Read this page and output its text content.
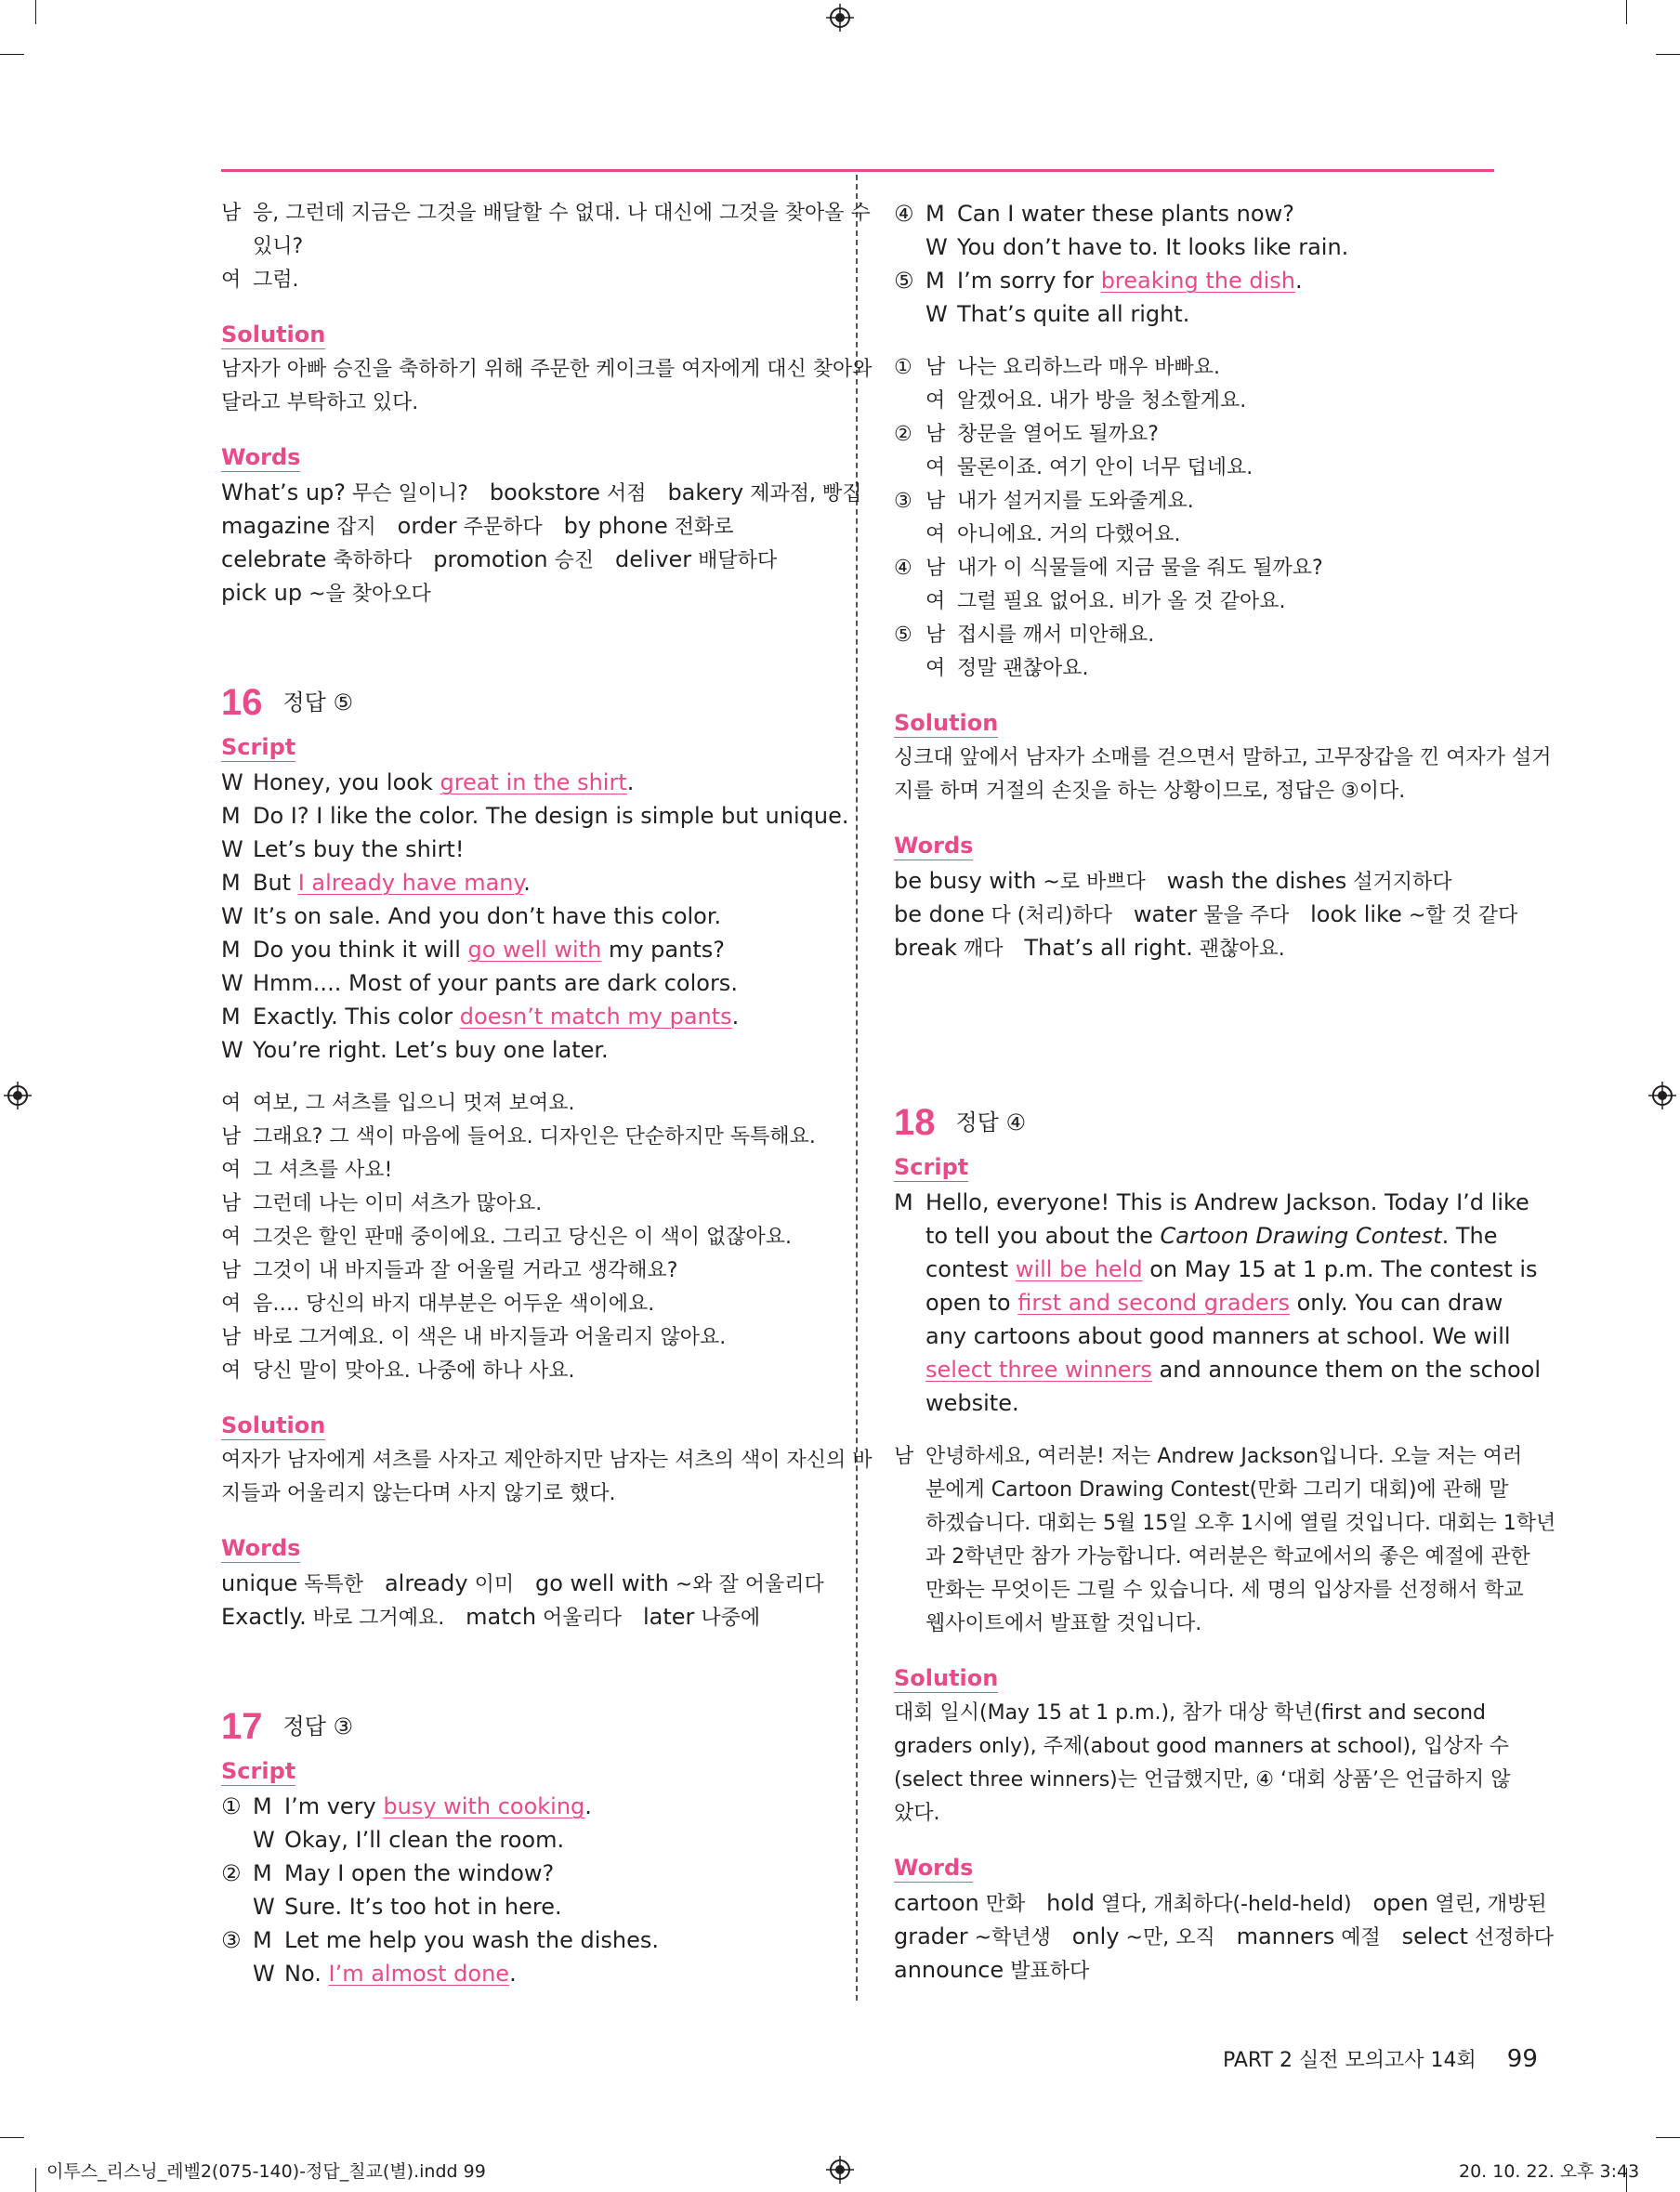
남 응, 그런데 지금은 그것을 배달할 수 없대. 나 대신에 그것을 찾아올 수
있니?
여 그럼.
Solution
남자가 아빠 승진을 축하하기 위해 주문한 케이크를 여자에게 대신 찾아와
달라고 부탁하고 있다.
Words
What’s up? 무슨 일이니? bookstore 서점 bakery 제과점, 빵집
magazine 잡지 order 주문하다 by phone 전화로
celebrate 축하하다 promotion 승진 deliver 배달하다
pick up ~을 찾아오다
16 정답 ⑤
Script
W Honey, you look great in the shirt.
M Do I? I like the color. The design is simple but unique.
W Let’s buy the shirt!
M But I already have many.
W It’s on sale. And you don’t have this color.
M Do you think it will go well with my pants?
W Hmm.... Most of your pants are dark colors.
M Exactly. This color doesn’t match my pants.
W You’re right. Let’s buy one later.
여 여보, 그 셔츠를 입으니 멋져 보여요.
남 그래요? 그 색이 마음에 들어요. 디자인은 단순하지만 독특해요.
여 그 셔츠를 사요!
남 그런데 나는 이미 셔츠가 많아요.
여 그것은 할인 판매 중이에요. 그리고 당신은 이 색이 없잖아요.
남 그것이 내 바지들과 잘 어울릴 거라고 생각해요?
여 음…. 당신의 바지 대부분은 어두운 색이에요.
남 바로 그거예요. 이 색은 내 바지들과 어울리지 않아요.
여 당신 말이 맞아요. 나중에 하나 사요.
Solution
여자가 남자에게 셔츠를 사자고 제안하지만 남자는 셔츠의 색이 자신의 바
지들과 어울리지 않는다며 사지 않기로 했다.
Words
unique 독특한 already 이미 go well with ~와 잘 어울리다
Exactly. 바로 그거예요. match 어울리다 later 나중에
17 정답 ③
Script
① M I’m very busy with cooking.
W Okay, I’ll clean the room.
② M May I open the window?
W Sure. It’s too hot in here.
③ M Let me help you wash the dishes.
W No. I’m almost done.
④ M Can I water these plants now?
W You don’t have to. It looks like rain.
⑤ M I’m sorry for breaking the dish.
W That’s quite all right.
① 남 나는 요리하느라 매우 바빠요.
여 알겠어요. 내가 방을 청소할게요.
② 남 창문을 열어도 될까요?
여 물론이죠. 여기 안이 너무 덥네요.
③ 남 내가 설거지를 도와줄게요.
여 아니에요. 거의 다했어요.
④ 남 내가 이 식물들에 지금 물을 줘도 될까요?
여 그럴 필요 없어요. 비가 올 것 같아요.
⑤ 남 접시를 깨서 미안해요.
여 정말 괜찮아요.
Solution
싱크대 앞에서 남자가 소매를 걷으면서 말하고, 고무장갑을 낀 여자가 설거
지를 하며 거절의 손짓을 하는 상황이므로, 정답은 ③이다.
Words
be busy with ~로 바쁘다 wash the dishes 설거지하다
be done 다 (처리)하다 water 물을 주다 look like ~할 것 같다
break 깨다 That’s all right. 괜찮아요.
18 정답 ④
Script
M Hello, everyone! This is Andrew Jackson. Today I’d like
to tell you about the Cartoon Drawing Contest. The
contest will be held on May 15 at 1 p.m. The contest is
open to first and second graders only. You can draw
any cartoons about good manners at school. We will
select three winners and announce them on the school
website.
남 안녕하세요, 여러분! 저는 Andrew Jackson입니다. 오늘 저는 여러
분에게 Cartoon Drawing Contest(만화 그리기 대회)에 관해 말
하겠습니다. 대회는 5월 15일 오후 1시에 열릴 것입니다. 대회는 1학년
과 2학년만 참가 가능합니다. 여러분은 학교에서의 좋은 예절에 관한
만화는 무엇이든 그릴 수 있습니다. 세 명의 입상자를 선정해서 학교
웹사이트에서 발표할 것입니다.
Solution
대회 일시(May 15 at 1 p.m.), 참가 대상 학년(first and second
graders only), 주제(about good manners at school), 입상자 수
(select three winners)는 언급했지만, ④ ‘대회 상품’은 언급하지 않
았다.
Words
cartoon 만화 hold 열다, 개최하다(-held-held) open 열린, 개방된
grader ~학년생 only ~만, 오직 manners 예절 select 선정하다
announce 발표하다
PART 2 실전 모의고사 14회 99
이투스_리스닝_레벨2(075-140)-정답_칠교(별).indd 99	20. 10. 22. 오후 3:43
